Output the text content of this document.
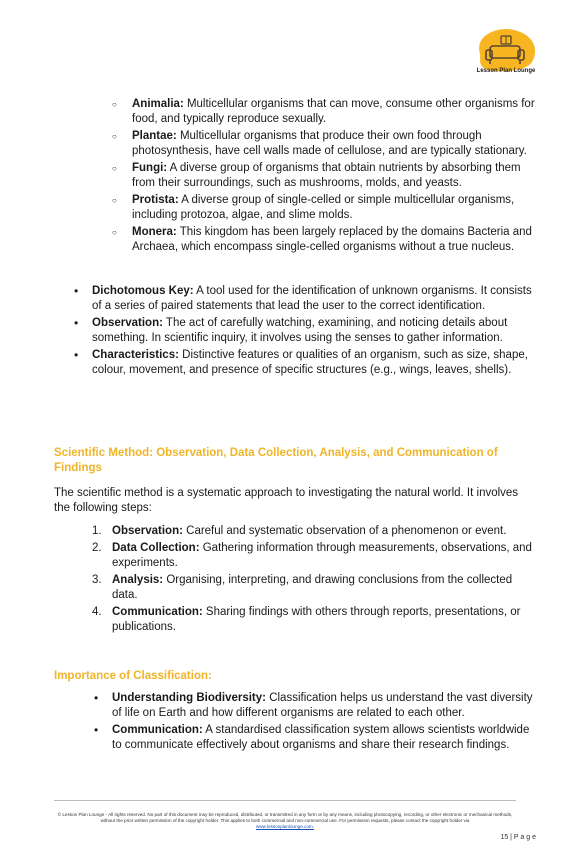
Lesson Plan Lounge
○ Animalia: Multicellular organisms that can move, consume other organisms for food, and typically reproduce sexually.
○ Plantae: Multicellular organisms that produce their own food through photosynthesis, have cell walls made of cellulose, and are typically stationary.
○ Fungi: A diverse group of organisms that obtain nutrients by absorbing them from their surroundings, such as mushrooms, molds, and yeasts.
○ Protista: A diverse group of single-celled or simple multicellular organisms, including protozoa, algae, and slime molds.
○ Monera: This kingdom has been largely replaced by the domains Bacteria and Archaea, which encompass single-celled organisms without a true nucleus.
• Dichotomous Key: A tool used for the identification of unknown organisms. It consists of a series of paired statements that lead the user to the correct identification.
• Observation: The act of carefully watching, examining, and noticing details about something. In scientific inquiry, it involves using the senses to gather information.
• Characteristics: Distinctive features or qualities of an organism, such as size, shape, colour, movement, and presence of specific structures (e.g., wings, leaves, shells).
Scientific Method: Observation, Data Collection, Analysis, and Communication of Findings
The scientific method is a systematic approach to investigating the natural world. It involves the following steps:
1. Observation: Careful and systematic observation of a phenomenon or event.
2. Data Collection: Gathering information through measurements, observations, and experiments.
3. Analysis: Organising, interpreting, and drawing conclusions from the collected data.
4. Communication: Sharing findings with others through reports, presentations, or publications.
Importance of Classification:
• Understanding Biodiversity: Classification helps us understand the vast diversity of life on Earth and how different organisms are related to each other.
• Communication: A standardised classification system allows scientists worldwide to communicate effectively about organisms and share their research findings.
© Lesson Plan Lounge - All rights reserved. No part of this document may be reproduced, distributed, or transmitted in any form or by any means, including photocopying, recording, or other electronic or mechanical methods, without the prior written permission of the copyright holder. This applies to both commercial and non-commercial use. For permission requests, please contact the copyright holder via
www.lessonplanlounge.com.
15 | P a g e
